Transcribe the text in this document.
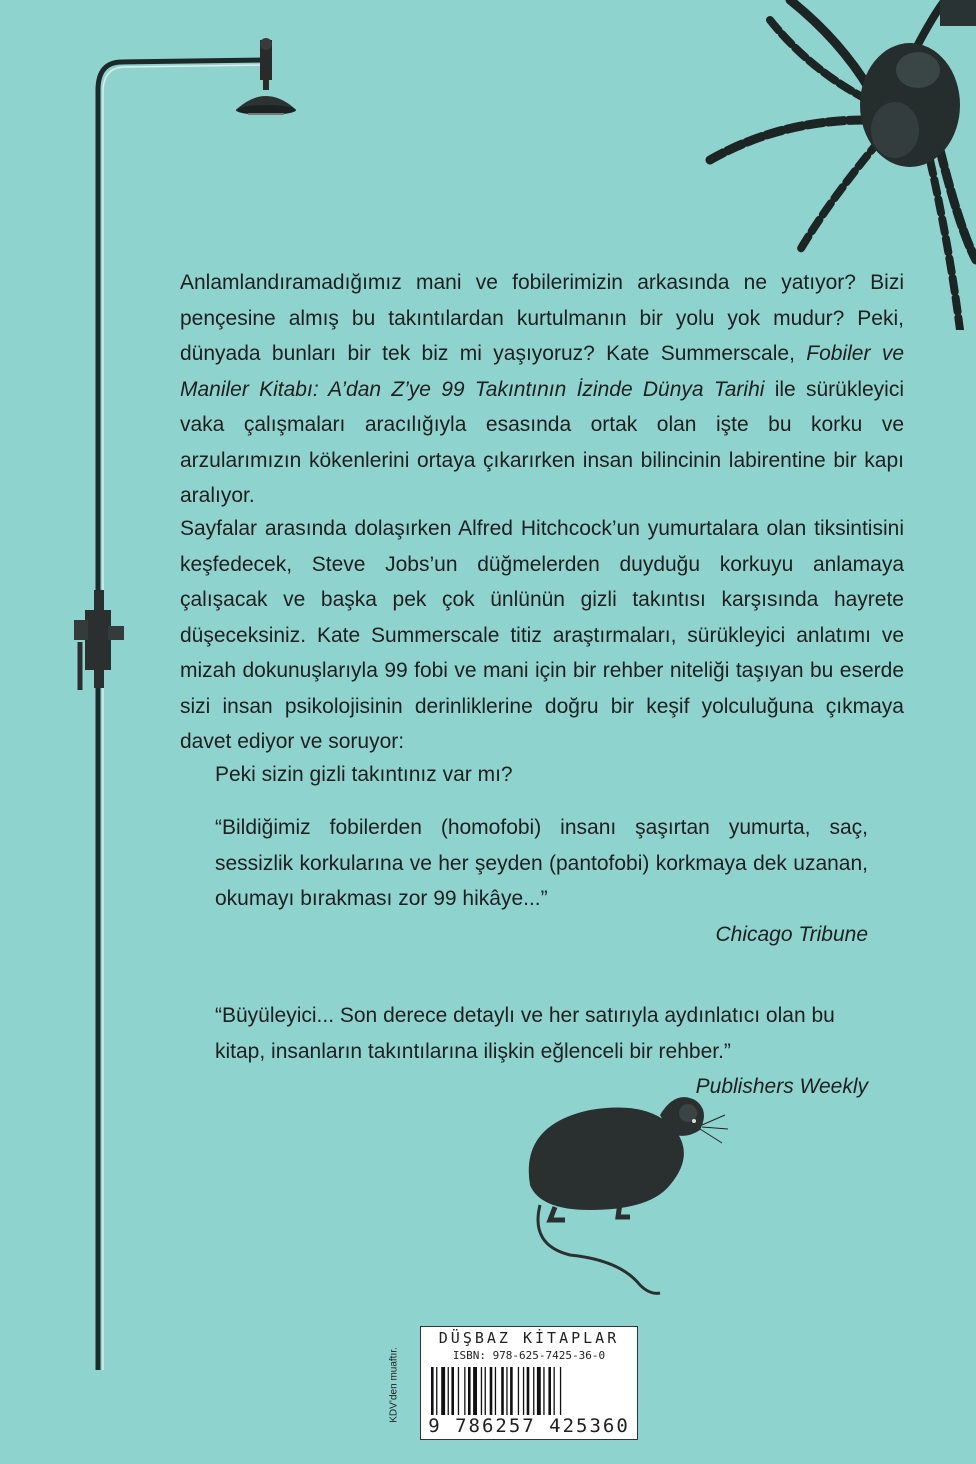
Anlamlandıramadığımız mani ve fobilerimizin arkasında ne yatıyor? Bizi pençesine almış bu takıntılardan kurtulmanın bir yolu yok mudur? Peki, dünyada bunları bir tek biz mi yaşıyoruz? Kate Summerscale, Fobiler ve Maniler Kitabı: A’dan Z’ye 99 Takıntının İzinde Dünya Tarihi ile sürükleyici vaka çalışmaları aracılığıyla esasında ortak olan işte bu korku ve arzularımızın kökenlerini ortaya çıkarırken insan bilincinin labirentine bir kapı aralıyor.

Sayfalar arasında dolaşırken Alfred Hitchcock’un yumurtalara olan tiksintisini keşfedecek, Steve Jobs’un düğmelerden duyduğu korkuyu anlamaya çalışacak ve başka pek çok ünlünün gizli takıntısı karşısında hayrete düşeceksiniz. Kate Summerscale titiz araştırmaları, sürükleyici anlatımı ve mizah dokunuşlarıyla 99 fobi ve mani için bir rehber niteliği taşıyan bu eserde sizi insan psikolojisinin derinliklerine doğru bir keşif yolculuğuna çıkmaya davet ediyor ve soruyor:

Peki sizin gizli takıntınız var mı?
“Bildiğimiz fobilerden (homofobi) insanı şaşırtan yumurta, saç, sessizlik korkularına ve her şeyden (pantofobi) korkmaya dek uzanan, okumayı bırakması zor 99 hikâye...”
Chicago Tribune
“Büyüleyici... Son derece detaylı ve her satırıyla aydınlatıcı olan bu kitap, insanların takıntılarına ilişkin eğlenceli bir rehber.”
Publishers Weekly
KDV’den muaftır.
DÜŞBAZ KİTAPLAR
ISBN: 978-625-7425-36-0
9 786257 425360
